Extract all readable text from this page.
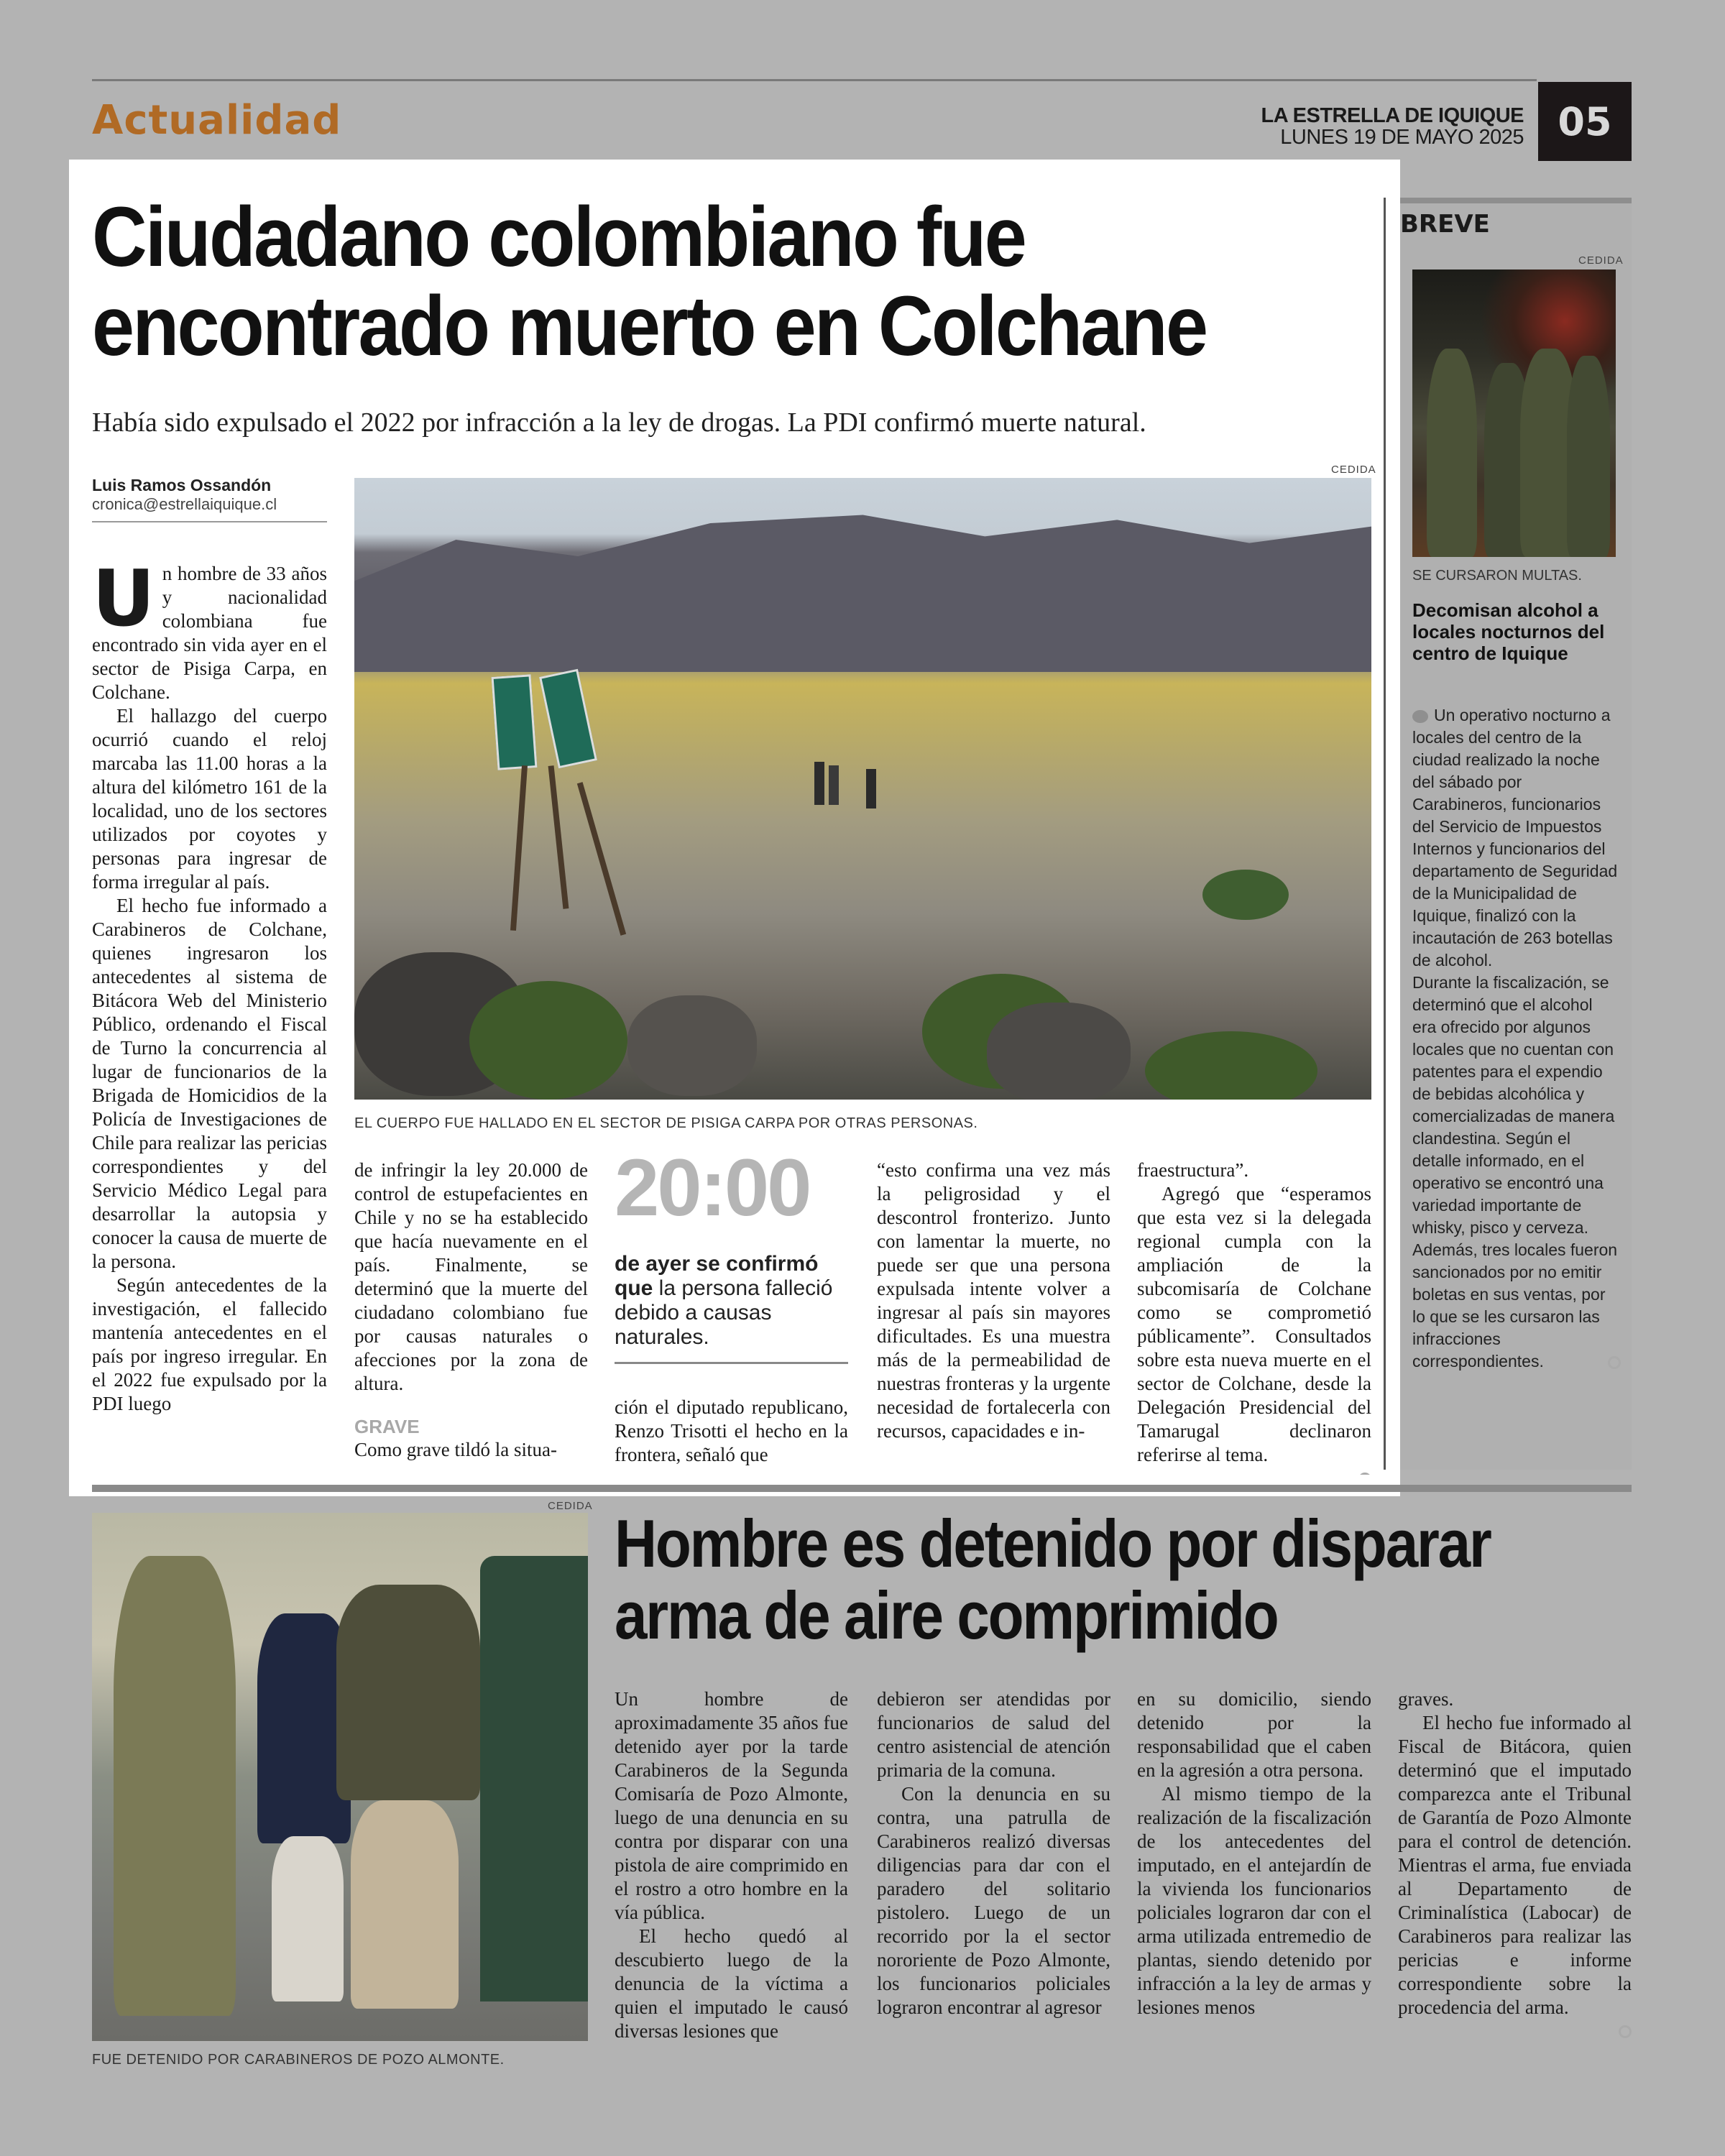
Actualidad	LA ESTRELLA DE IQUIQUE
LUNES 19 DE MAYO 2025 05
Ciudadano colombiano fue encontrado muerto en Colchane
Había sido expulsado el 2022 por infracción a la ley de drogas. La PDI confirmó muerte natural.
Luis Ramos Ossandón
cronica@estrellaiquique.cl
CEDIDA
EL CUERPO FUE HALLADO EN EL SECTOR DE PISIGA CARPA POR OTRAS PERSONAS.
U n hombre de 33 años y nacionalidad colombiana fue encontrado sin vida ayer en el sector de Pisiga Carpa, en Colchane.

El hallazgo del cuerpo ocurrió cuando el reloj marcaba las 11.00 horas a la altura del kilómetro 161 de la localidad, uno de los sectores utilizados por coyotes y personas para ingresar de forma irregular al país.

El hecho fue informado a Carabineros de Colchane, quienes ingresaron los antecedentes al sistema de Bitácora Web del Ministerio Público, ordenando el Fiscal de Turno la concurrencia al lugar de funcionarios de la Brigada de Homicidios de la Policía de Investigaciones de Chile para realizar las pericias correspondientes y del Servicio Médico Legal para desarrollar la autopsia y conocer la causa de muerte de la persona.

Según antecedentes de la investigación, el fallecido mantenía antecedentes en el país por ingreso irregular. En el 2022 fue expulsado por la PDI luego

de infringir la ley 20.000 de control de estupefacientes en Chile y no se ha establecido que hacía nuevamente en el país. Finalmente, se determinó que la muerte del ciudadano colombiano fue por causas naturales o afecciones por la zona de altura.

GRAVE

Como grave tildó la situa-

20:00
de ayer se confirmó que la persona falleció debido a causas naturales.

ción el diputado republicano, Renzo Trisotti el hecho en la frontera, señaló que

“esto confirma una vez más la peligrosidad y el descontrol fronterizo. Junto con lamentar la muerte, no puede ser que una persona expulsada intente volver a ingresar al país sin mayores dificultades. Es una muestra más de la permeabilidad de nuestras fronteras y la urgente necesidad de fortalecerla con recursos, capacidades e in-

fraestructura”.

Agregó que “esperamos que esta vez si la delegada regional cumpla con la ampliación de la subcomisaría de Colchane como se comprometió públicamente”. Consultados sobre esta nueva muerte en el sector de Colchane, desde la Delegación Presidencial del Tamarugal declinaron referirse al tema.

BREVE
CEDIDA
SE CURSARON MULTAS.
Decomisan alcohol a locales nocturnos del centro de Iquique
Un operativo nocturno a locales del centro de la ciudad realizado la noche del sábado por Carabineros, funcionarios del Servicio de Impuestos Internos y funcionarios del departamento de Seguridad de la Municipalidad de Iquique, finalizó con la incautación de 263 botellas de alcohol.
Durante la fiscalización, se determinó que el alcohol era ofrecido por algunos locales que no cuentan con patentes para el expendio de bebidas alcohólica y comercializadas de manera clandestina. Según el detalle informado, en el operativo se encontró una variedad importante de whisky, pisco y cerveza. Además, tres locales fueron sancionados por no emitir boletas en sus ventas, por lo que se les cursaron las infracciones correspondientes.
CEDIDA
FUE DETENIDO POR CARABINEROS DE POZO ALMONTE.
Hombre es detenido por disparar arma de aire comprimido

Un hombre de aproximadamente 35 años fue detenido ayer por la tarde Carabineros de la Segunda Comisaría de Pozo Almonte, luego de una denuncia en su contra por disparar con una pistola de aire comprimido en el rostro a otro hombre en la vía pública.

El hecho quedó al descubierto luego de la denuncia de la víctima a quien el imputado le causó diversas lesiones que

debieron ser atendidas por funcionarios de salud del centro asistencial de atención primaria de la comuna.

Con la denuncia en su contra, una patrulla de Carabineros realizó diversas diligencias para dar con el paradero del solitario pistolero. Luego de un recorrido por la el sector nororiente de Pozo Almonte, los funcionarios policiales lograron encontrar al agresor

en su domicilio, siendo detenido por la responsabilidad que el caben en la agresión a otra persona.

Al mismo tiempo de la realización de la fiscalización de los antecedentes del imputado, en el antejardín de la vivienda los funcionarios policiales lograron dar con el arma utilizada entremedio de plantas, siendo detenido por infracción a la ley de armas y lesiones menos

graves.

El hecho fue informado al Fiscal de Bitácora, quien determinó que el imputado comparezca ante el Tribunal de Garantía de Pozo Almonte para el control de detención. Mientras el arma, fue enviada al Departamento de Criminalística (Labocar) de Carabineros para realizar las pericias e informe correspondiente sobre la procedencia del arma.
